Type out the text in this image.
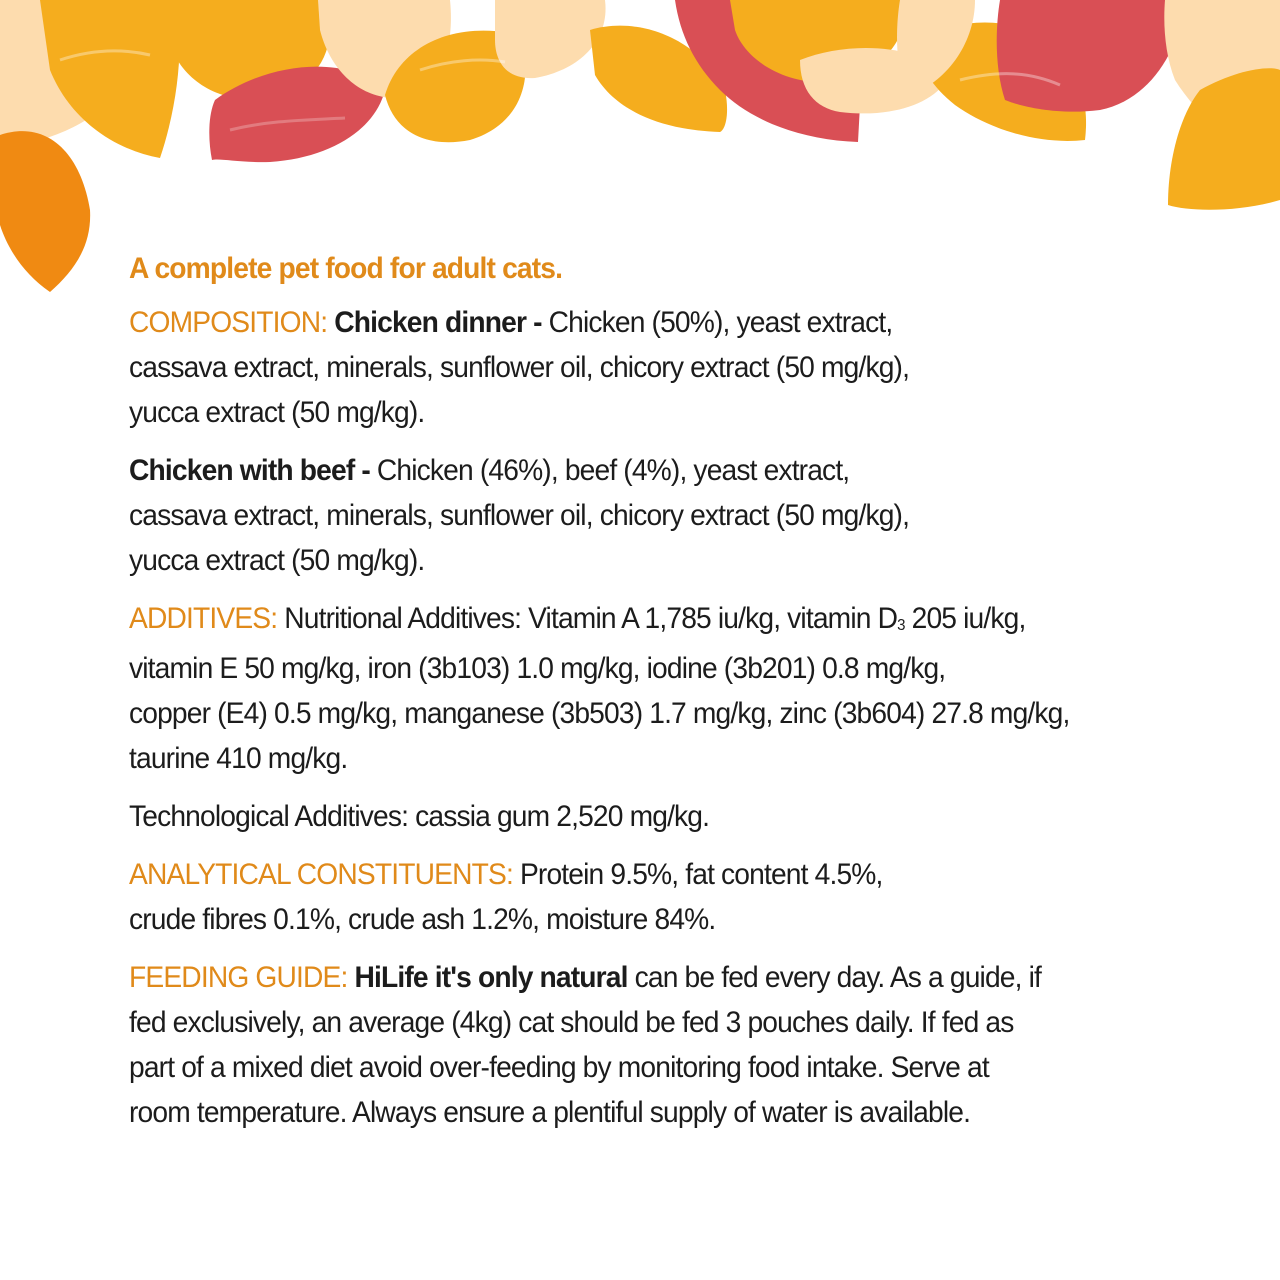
A complete pet food for adult cats.
COMPOSITION: Chicken dinner - Chicken (50%), yeast extract,
cassava extract, minerals, sunflower oil, chicory extract (50 mg/kg),
yucca extract (50 mg/kg).
Chicken with beef - Chicken (46%), beef (4%), yeast extract,
cassava extract, minerals, sunflower oil, chicory extract (50 mg/kg),
yucca extract (50 mg/kg).
ADDITIVES: Nutritional Additives: Vitamin A 1,785 iu/kg, vitamin $D_3$ 205 iu/kg,
vitamin E 50 mg/kg, iron (3b103) 1.0 mg/kg, iodine (3b201) 0.8 mg/kg,
copper (E4) 0.5 mg/kg, manganese (3b503) 1.7 mg/kg, zinc (3b604) 27.8 mg/kg,
taurine 410 mg/kg.
Technological Additives: cassia gum 2,520 mg/kg.
ANALYTICAL CONSTITUENTS: Protein 9.5%, fat content 4.5%,
crude fibres 0.1%, crude ash 1.2%, moisture 84%.
FEEDING GUIDE: HiLife it's only natural can be fed every day. As a guide, if
fed exclusively, an average (4kg) cat should be fed 3 pouches daily. If fed as
part of a mixed diet avoid over-feeding by monitoring food intake. Serve at
room temperature. Always ensure a plentiful supply of water is available.
